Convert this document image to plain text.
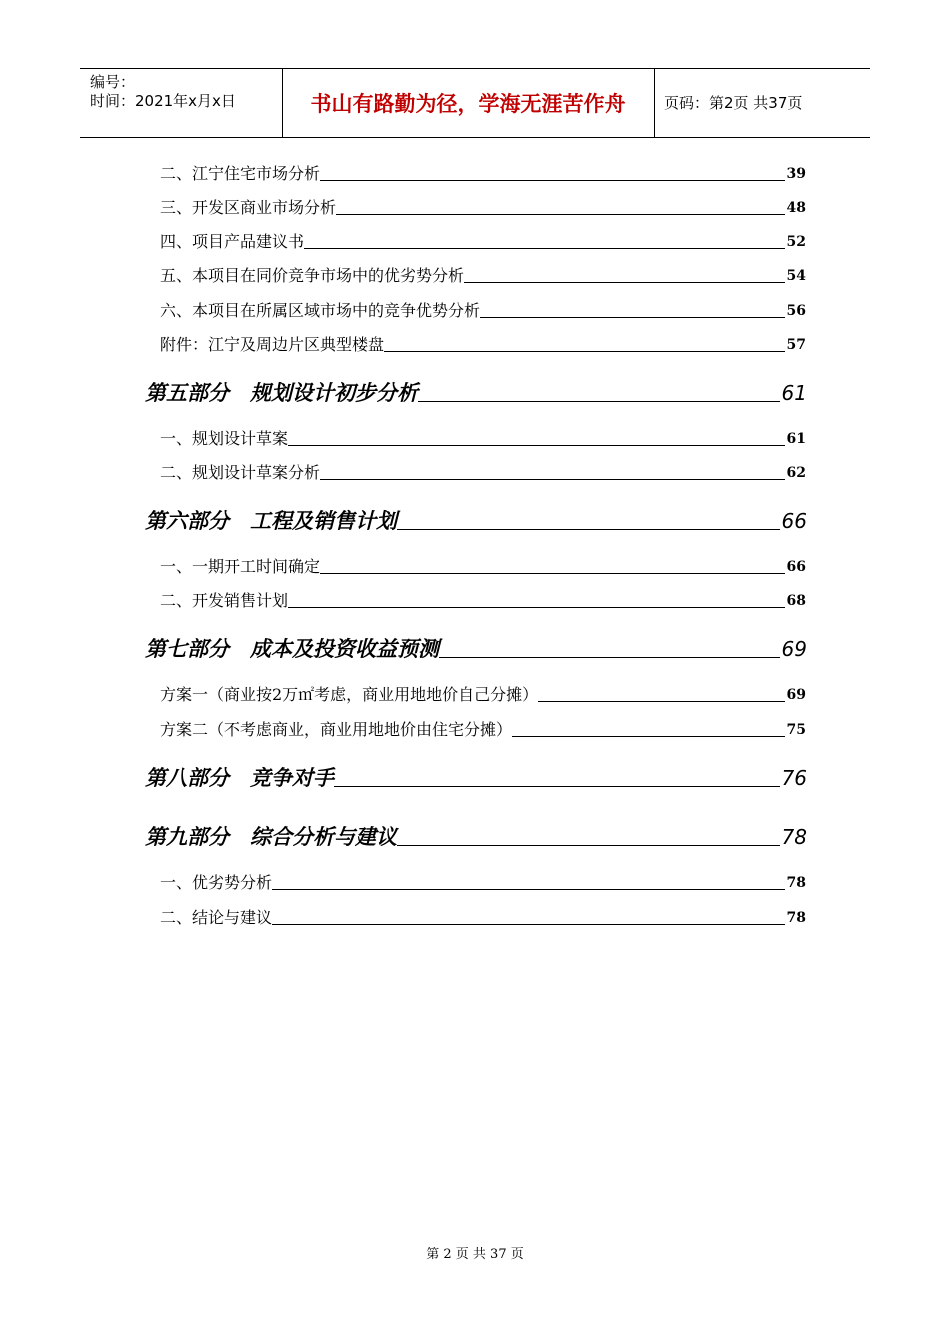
编号：
时间：2021年x月x日	书山有路勤为径，学海无涯苦作舟	页码：第2页 共37页
二、江宁住宅市场分析	39
三、开发区商业市场分析	48
四、项目产品建议书	52
五、本项目在同价竞争市场中的优劣势分析	54
六、本项目在所属区域市场中的竞争优势分析	56
附件：江宁及周边片区典型楼盘	57
第五部分　规划设计初步分析	61
一、规划设计草案	61
二、规划设计草案分析	62
第六部分　工程及销售计划	66
一、一期开工时间确定	66
二、开发销售计划	68
第七部分　成本及投资收益预测	69
方案一（商业按2万㎡考虑，商业用地地价自己分摊）	69
方案二（不考虑商业，商业用地地价由住宅分摊）	75
第八部分　竞争对手	76
第九部分　综合分析与建议	78
一、优劣势分析	78
二、结论与建议	78
第 2 页 共 37 页
